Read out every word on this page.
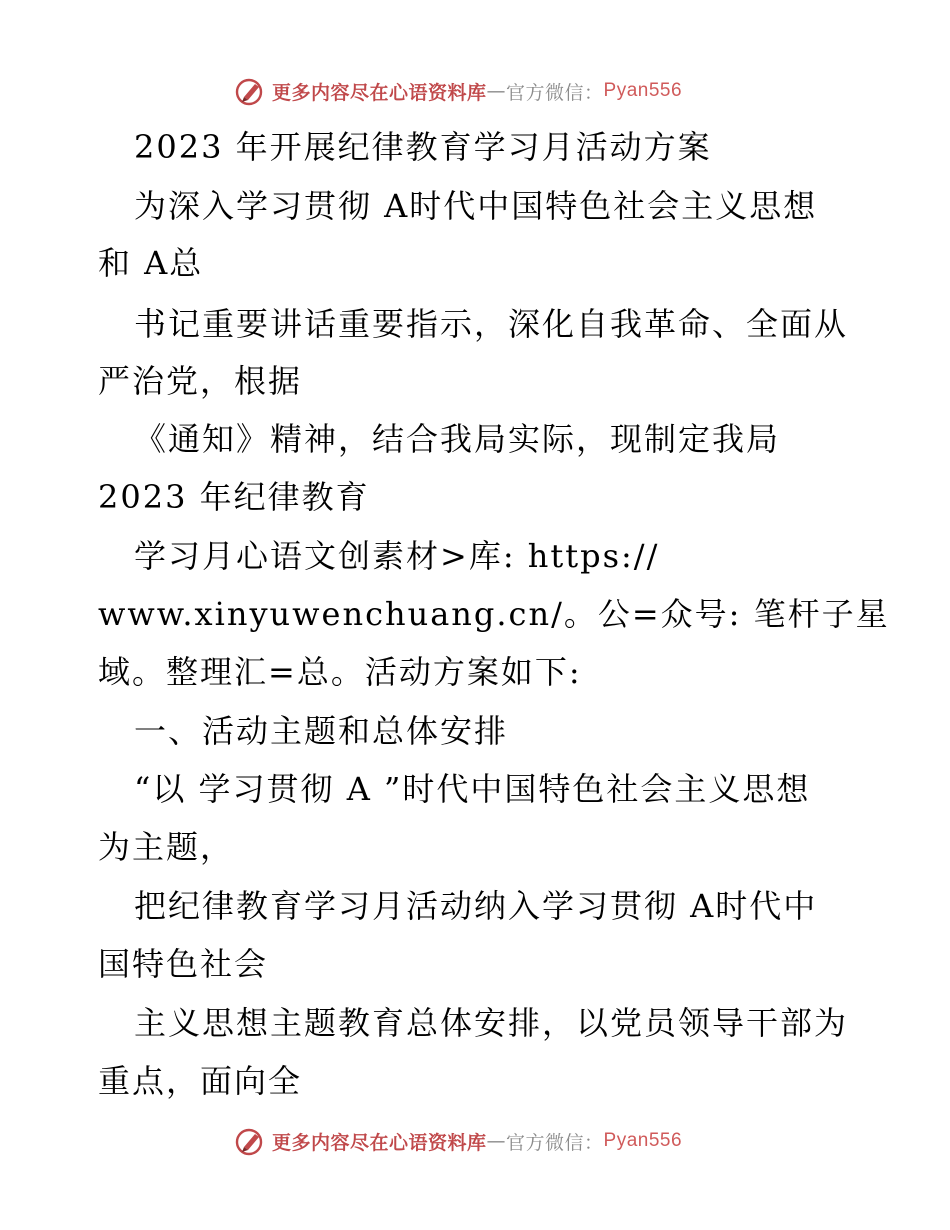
更多内容尽在心语资料库 — 官方微信： Pyan556
2023 年开展纪律教育学习月活动方案
为深入学习贯彻 A时代中国特色社会主义思想
和 A总
书记重要讲话重要指示，深化自我革命、全面从
严治党，根据
《通知》精神，结合我局实际，现制定我局
2023 年纪律教育
学习月心语文创素材>库: https://
www.xinyuwenchuang.cn/。公=众号: 笔杆子星
域。整理汇=总。活动方案如下:
一、活动主题和总体安排
“以 学习贯彻 A ”时代中国特色社会主义思想
为主题，
把纪律教育学习月活动纳入学习贯彻 A时代中
国特色社会
主义思想主题教育总体安排，以党员领导干部为
重点，面向全
更多内容尽在心语资料库 — 官方微信： Pyan556
